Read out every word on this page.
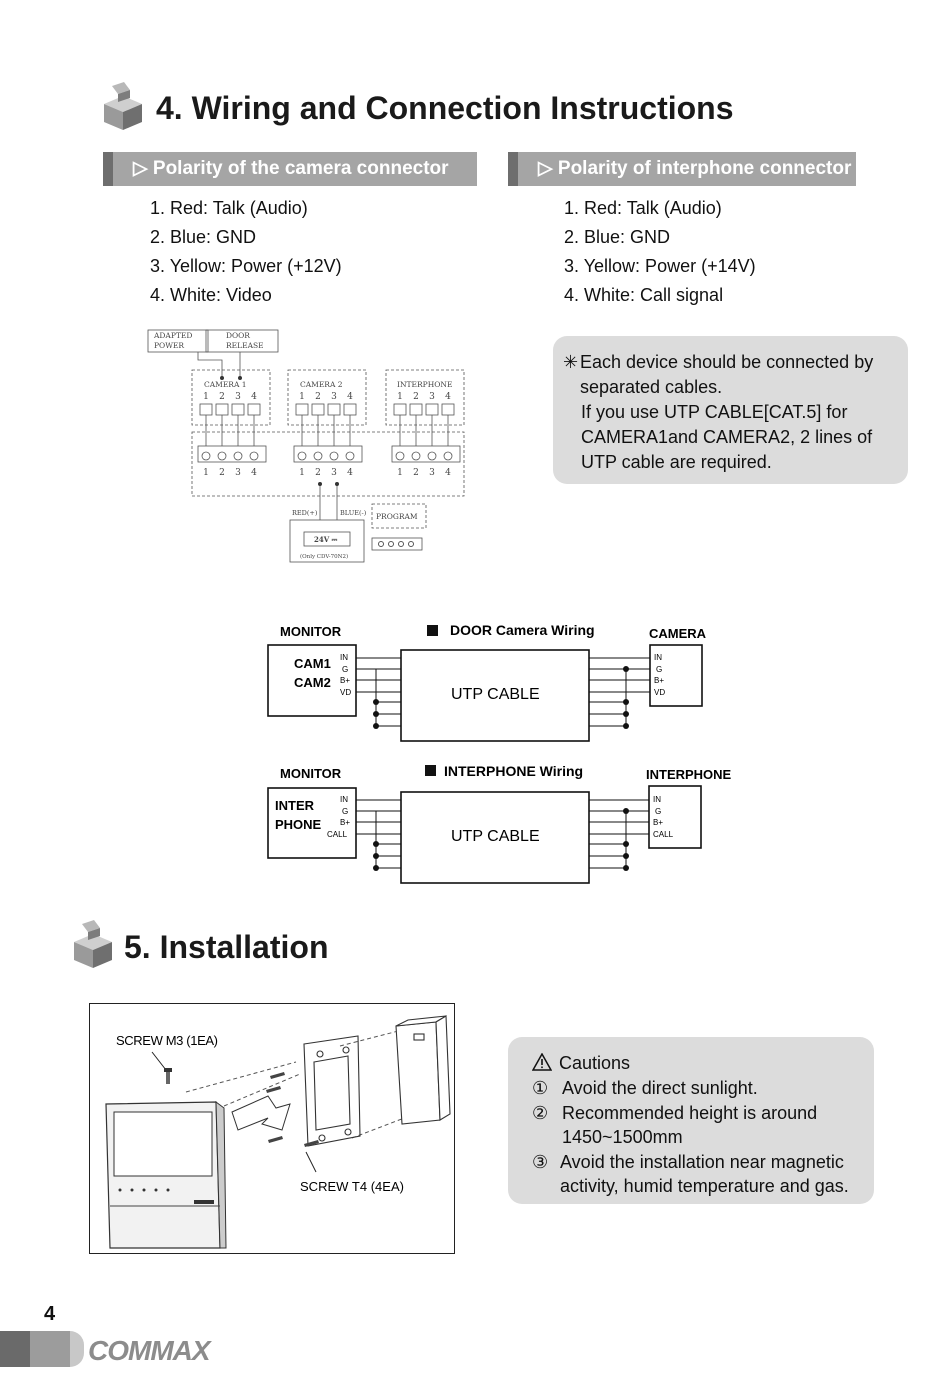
4. Wiring and Connection Instructions
▷ Polarity of the camera connector	▷ Polarity of interphone connector
1. Red: Talk (Audio)
2. Blue: GND
3. Yellow: Power (+12V)
4. White: Video
1. Red: Talk (Audio)
2. Blue: GND
3. Yellow: Power (+14V)
4. White: Call signal
✳ Each device should be connected by
separated cables.
If you use UTP CABLE[CAT.5] for
CAMERA1and CAMERA2, 2 lines of
UTP cable are required.
ADAPTED
POWER
DOOR
RELEASE
CAMERA 1	CAMERA 2	INTERPHONE
RED(+)	BLUE(-) PROGRAM
24V ⎓
(Only CDV-70N2)
1 2 3 4	1 2 3 4	1 2 3 4
1 2 3 4	1 2 3 4	1 2 3 4
DOOR Camera Wiring
MONITOR	CAMERA
CAM1
CAM2
IN
G
B+
VD	UTP CABLE
IN
G
B+
VD
INTERPHONE Wiring
MONITOR	INTERPHONE
INTER
PHONE
IN
G
B+
CALL	UTP CABLE
IN
G
B+
CALL
5. Installation
SCREW M3 (1EA)
SCREW T4 (4EA)
Cautions
① Avoid the direct sunlight.
② Recommended height is around
1450~1500mm
③ Avoid the installation near magnetic
activity, humid temperature and gas.
4
COMMAX
